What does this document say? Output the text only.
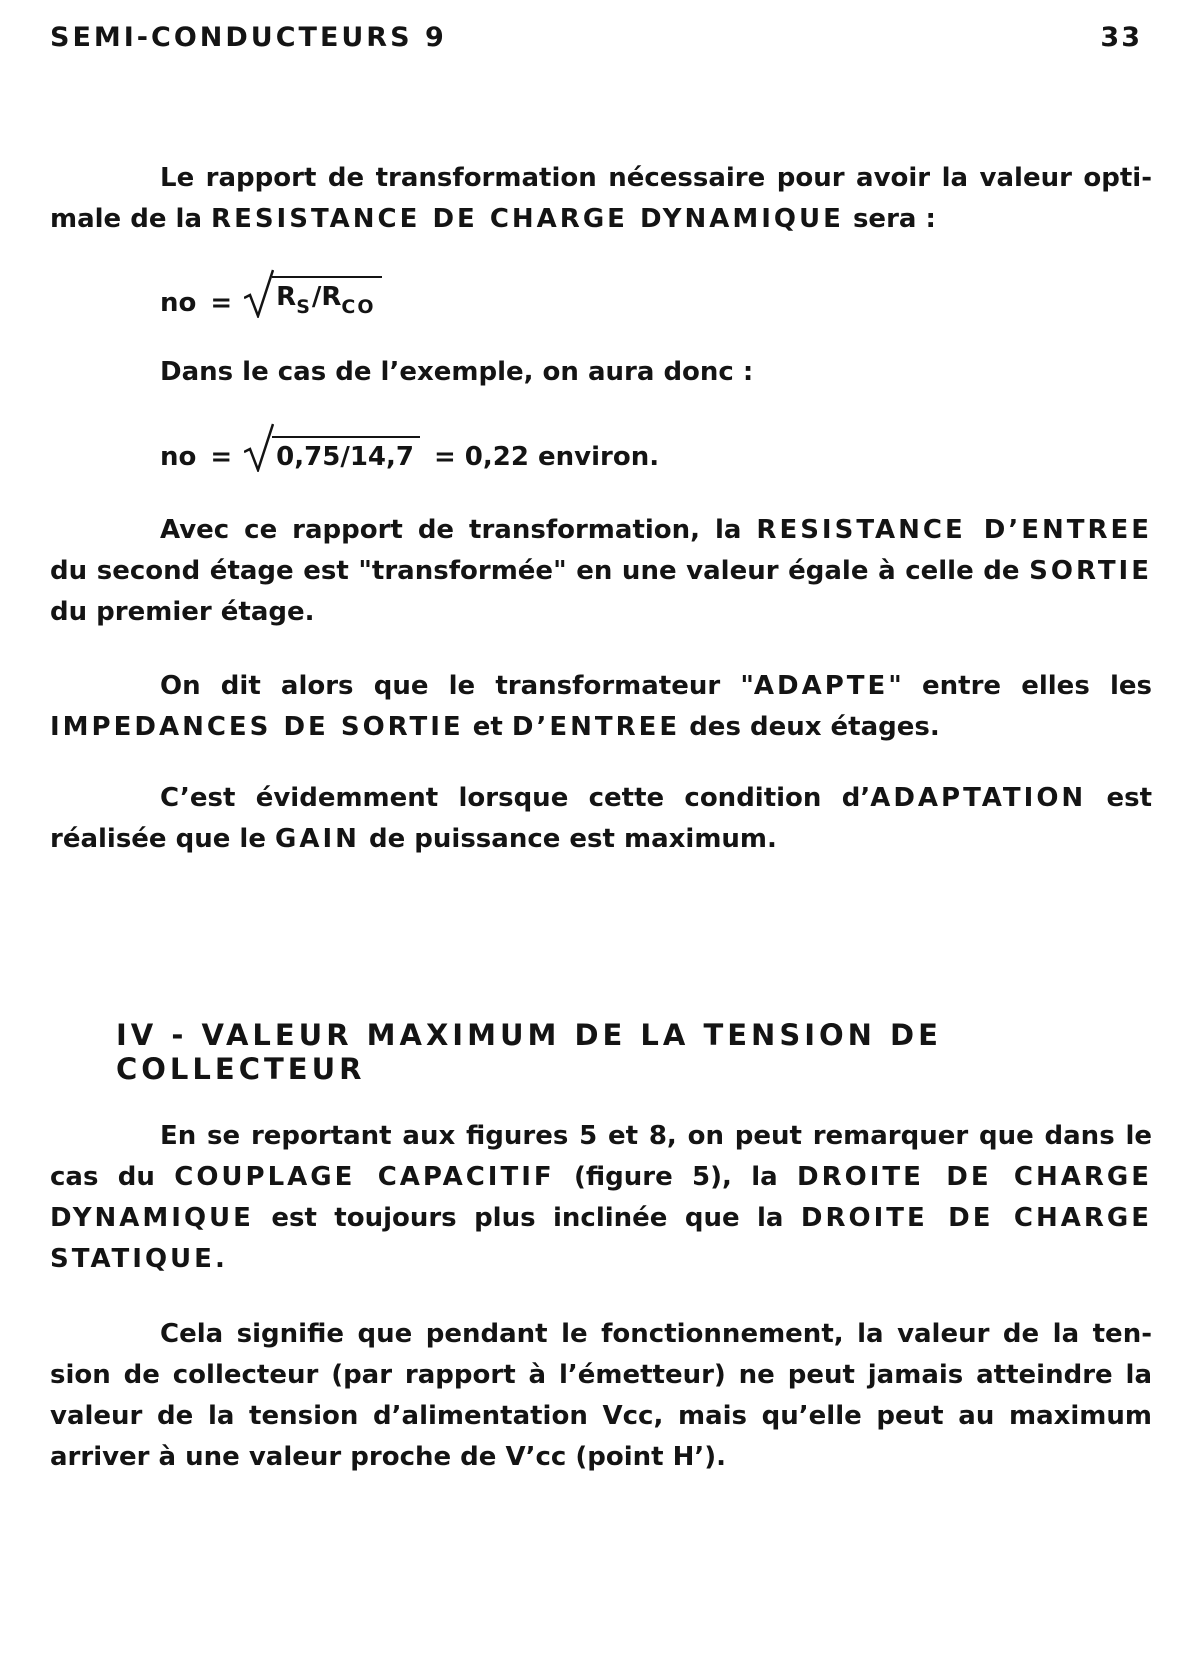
SEMI-CONDUCTEURS 9	33
Le rapport de transformation nécessaire pour avoir la valeur opti-male de la RESISTANCE DE CHARGE DYNAMIQUE sera :
no = $R_S/R_{CO}$
Dans le cas de l’exemple, on aura donc :
no = 0,75/14,7 = 0,22 environ.
Avec ce rapport de transformation, la RESISTANCE D’ENTREE du second étage est "transformée" en une valeur égale à celle de SORTIE du premier étage.
On dit alors que le transformateur "ADAPTE" entre elles les IMPEDANCES DE SORTIE et D’ENTREE des deux étages.
C’est évidemment lorsque cette condition d’ADAPTATION est réalisée que le GAIN de puissance est maximum.
IV - VALEUR MAXIMUM DE LA TENSION DE COLLECTEUR
En se reportant aux figures 5 et 8, on peut remarquer que dans le cas du COUPLAGE CAPACITIF (figure 5), la DROITE DE CHARGE DYNAMIQUE est toujours plus inclinée que la DROITE DE CHARGE STATIQUE.
Cela signifie que pendant le fonctionnement, la valeur de la ten-sion de collecteur (par rapport à l’émetteur) ne peut jamais atteindre la valeur de la tension d’alimentation Vcc, mais qu’elle peut au maximum arriver à une valeur proche de V’cc (point H’).
